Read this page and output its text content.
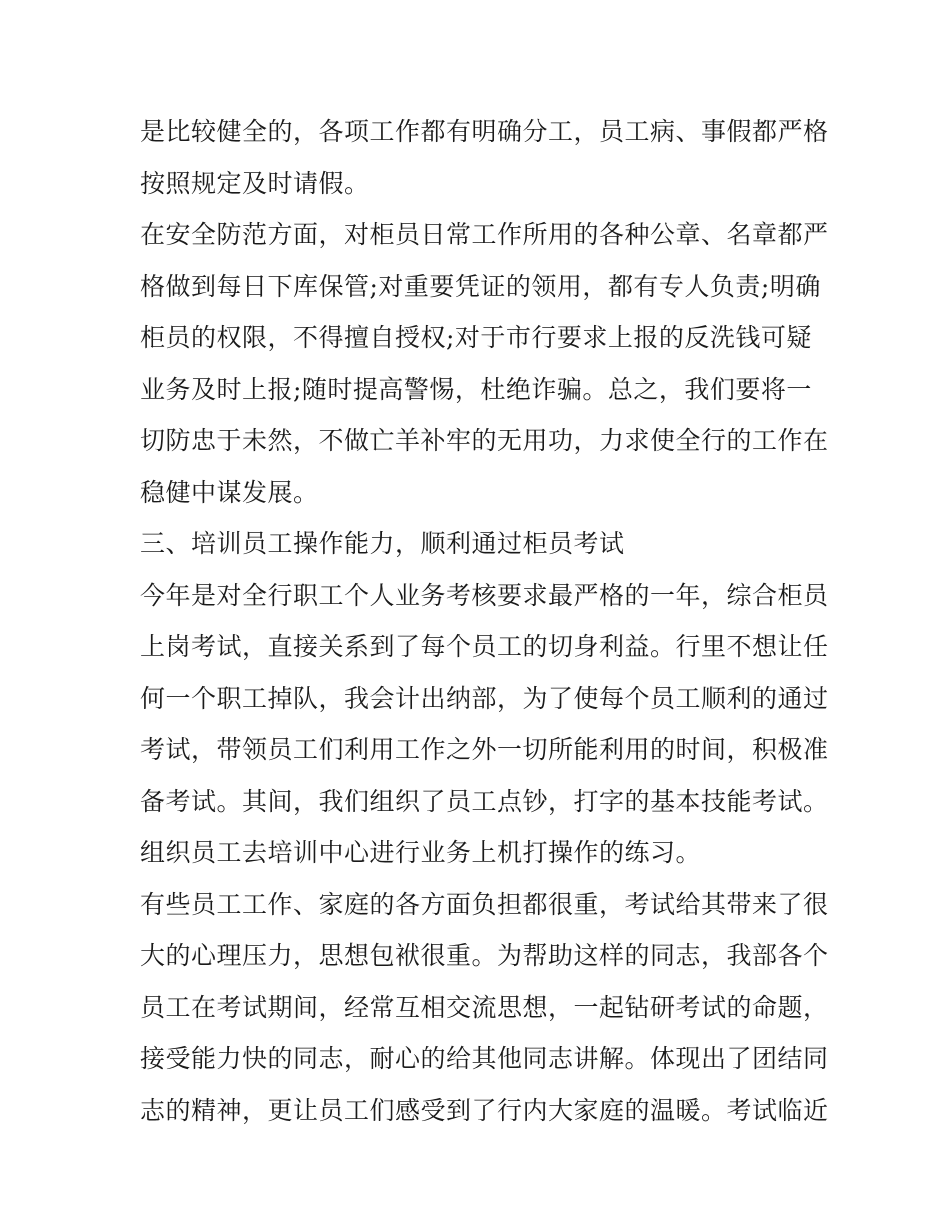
是比较健全的，各项工作都有明确分工，员工病、事假都严格
按照规定及时请假。
在安全防范方面，对柜员日常工作所用的各种公章、名章都严
格做到每日下库保管;对重要凭证的领用，都有专人负责;明确
柜员的权限，不得擅自授权;对于市行要求上报的反洗钱可疑
业务及时上报;随时提高警惕，杜绝诈骗。总之，我们要将一
切防忠于未然，不做亡羊补牢的无用功，力求使全行的工作在
稳健中谋发展。
三、培训员工操作能力，顺利通过柜员考试
今年是对全行职工个人业务考核要求最严格的一年，综合柜员
上岗考试，直接关系到了每个员工的切身利益。行里不想让任
何一个职工掉队，我会计出纳部，为了使每个员工顺利的通过
考试，带领员工们利用工作之外一切所能利用的时间，积极准
备考试。其间，我们组织了员工点钞，打字的基本技能考试。
组织员工去培训中心进行业务上机打操作的练习。
有些员工工作、家庭的各方面负担都很重，考试给其带来了很
大的心理压力，思想包袱很重。为帮助这样的同志，我部各个
员工在考试期间，经常互相交流思想，一起钻研考试的命题，
接受能力快的同志，耐心的给其他同志讲解。体现出了团结同
志的精神，更让员工们感受到了行内大家庭的温暖。考试临近
